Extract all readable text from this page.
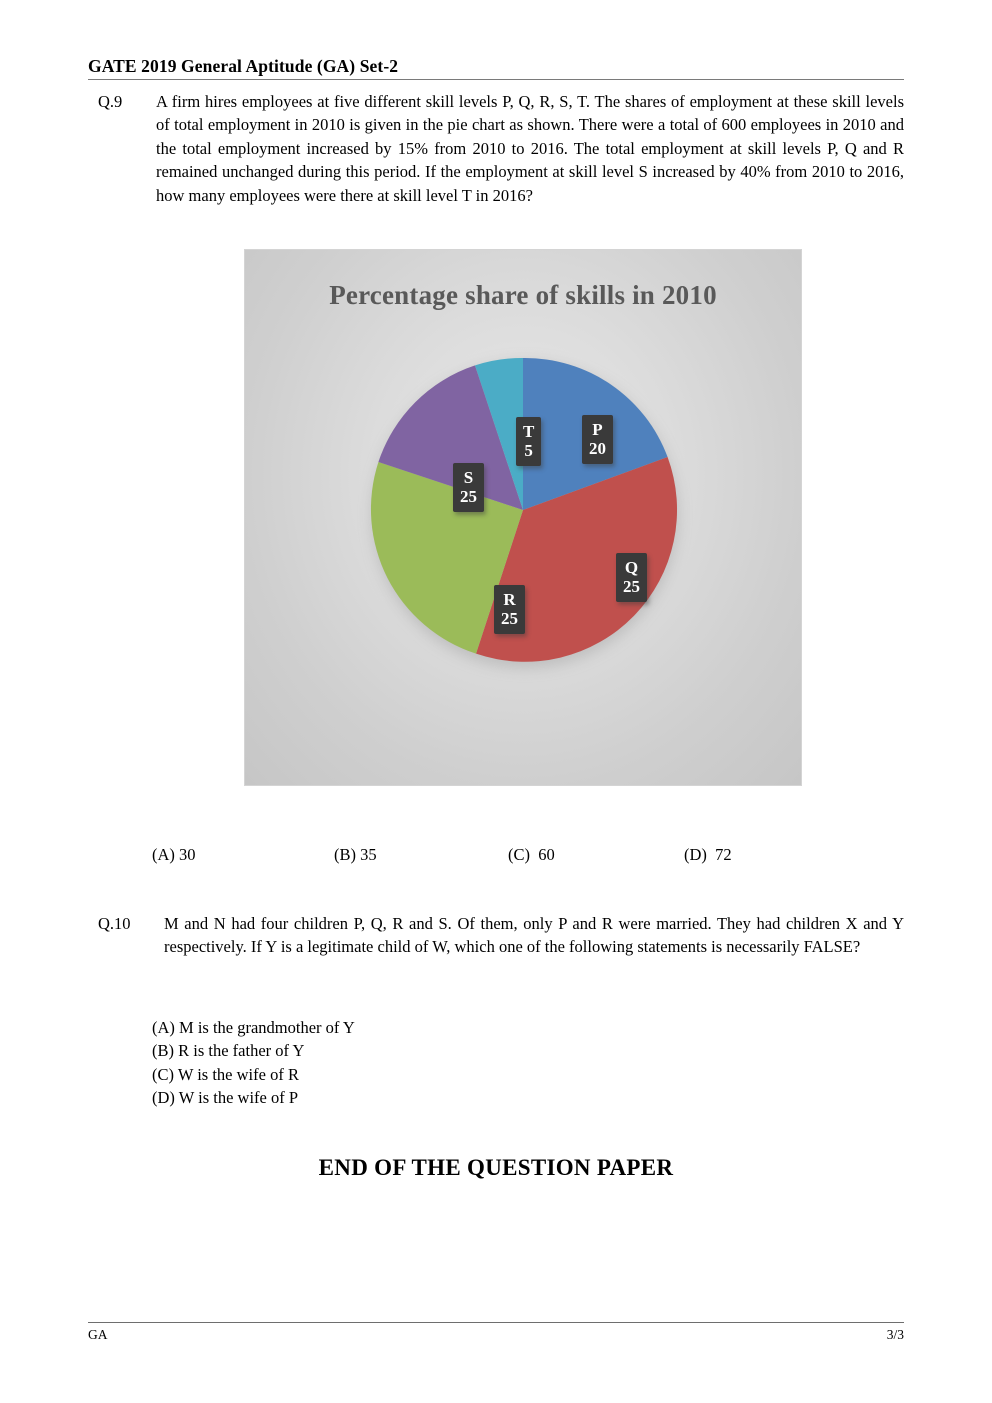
GATE 2019 General Aptitude (GA) Set-2
Q.9	A firm hires employees at five different skill levels P, Q, R, S, T. The shares of employment at these skill levels of total employment in 2010 is given in the pie chart as shown. There were a total of 600 employees in 2010 and the total employment increased by 15% from 2010 to 2016. The total employment at skill levels P, Q and R remained unchanged during this period. If the employment at skill level S increased by 40% from 2010 to 2016, how many employees were there at skill level T in 2016?
Percentage share of skills in 2010
P
20
Q
25
R
25
S
25
T
5
(A) 30	(B) 35	(C)  60	(D)  72
Q.10	M and N had four children P, Q, R and S. Of them, only P and R were married. They had children X and Y respectively. If Y is a legitimate child of W, which one of the following statements is necessarily FALSE?
(A) M is the grandmother of Y
(B) R is the father of Y
(C) W is the wife of R
(D) W is the wife of P
END OF THE QUESTION PAPER
GA	3/3
